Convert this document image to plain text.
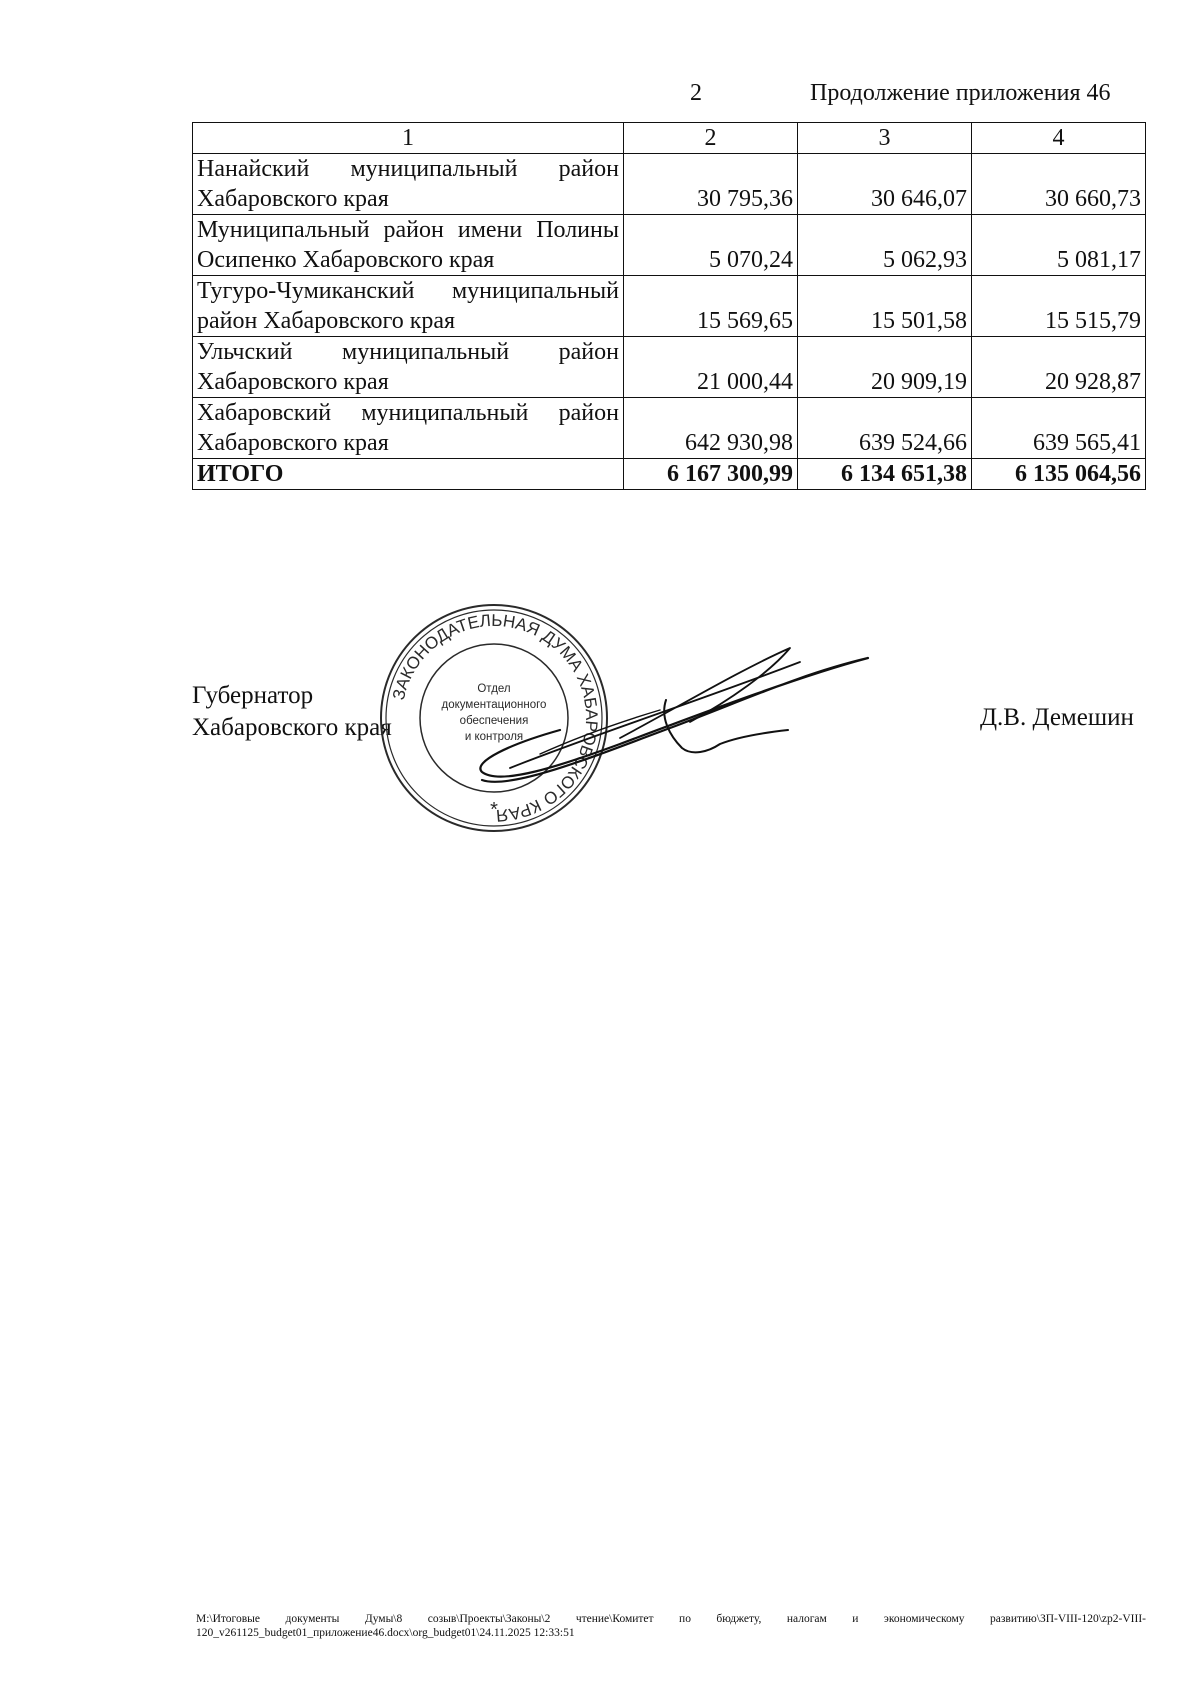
2	Продолжение приложения 46
1	2	3	4
Нанайский муниципальный район Хабаровского края	30 795,36	30 646,07	30 660,73
Муниципальный район имени Полины Осипенко Хабаровского края	5 070,24	5 062,93	5 081,17
Тугуро-Чумиканский муниципальный район Хабаровского края	15 569,65	15 501,58	15 515,79
Ульчский муниципальный район Хабаровского края	21 000,44	20 909,19	20 928,87
Хабаровский муниципальный район Хабаровского края	642 930,98	639 524,66	639 565,41
ИТОГО	6 167 300,99	6 134 651,38	6 135 064,56
Губернатор
Хабаровского края	Д.В. Демешин
ЗАКОНОДАТЕЛЬНАЯ ДУМА ХАБАРОВСКОГО КРАЯ
Отдел
документационного
обеспечения
и контроля
*
M:\Итоговые документы Думы\8 созыв\Проекты\Законы\2 чтение\Комитет по бюджету, налогам и экономическому развитию\ЗП-VIII-120\zp2-VIII-120_v261125_budget01_приложение46.docx\org_budget01\24.11.2025 12:33:51
